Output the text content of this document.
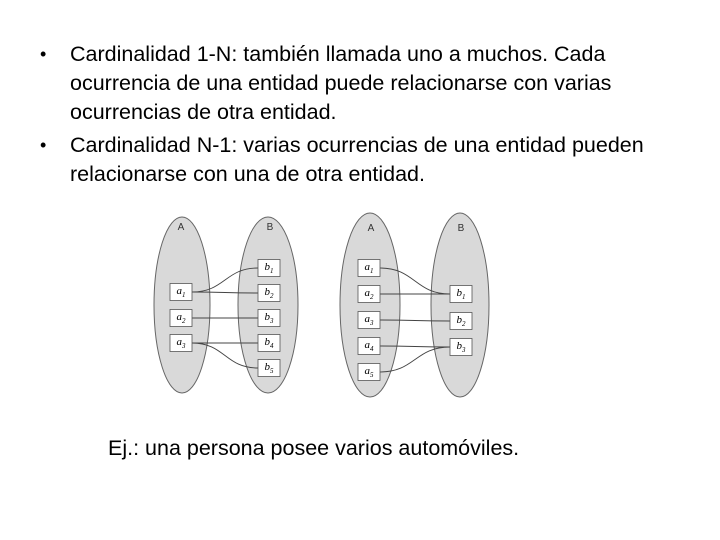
• Cardinalidad 1-N: también llamada uno a muchos. Cada ocurrencia de una entidad puede relacionarse con varias ocurrencias de otra entidad.
• Cardinalidad N-1: varias ocurrencias de una entidad pueden relacionarse con una de otra entidad.
A	B
$a_1$
$a_2$
$a_3$
$b_1$
$b_2$
$b_3$
$b_4$
$b_5$
A	B
$a_1$
$a_2$
$a_3$
$a_4$
$a_5$
$b_1$
$b_2$
$b_3$
Ej.: una persona posee varios automóviles.
